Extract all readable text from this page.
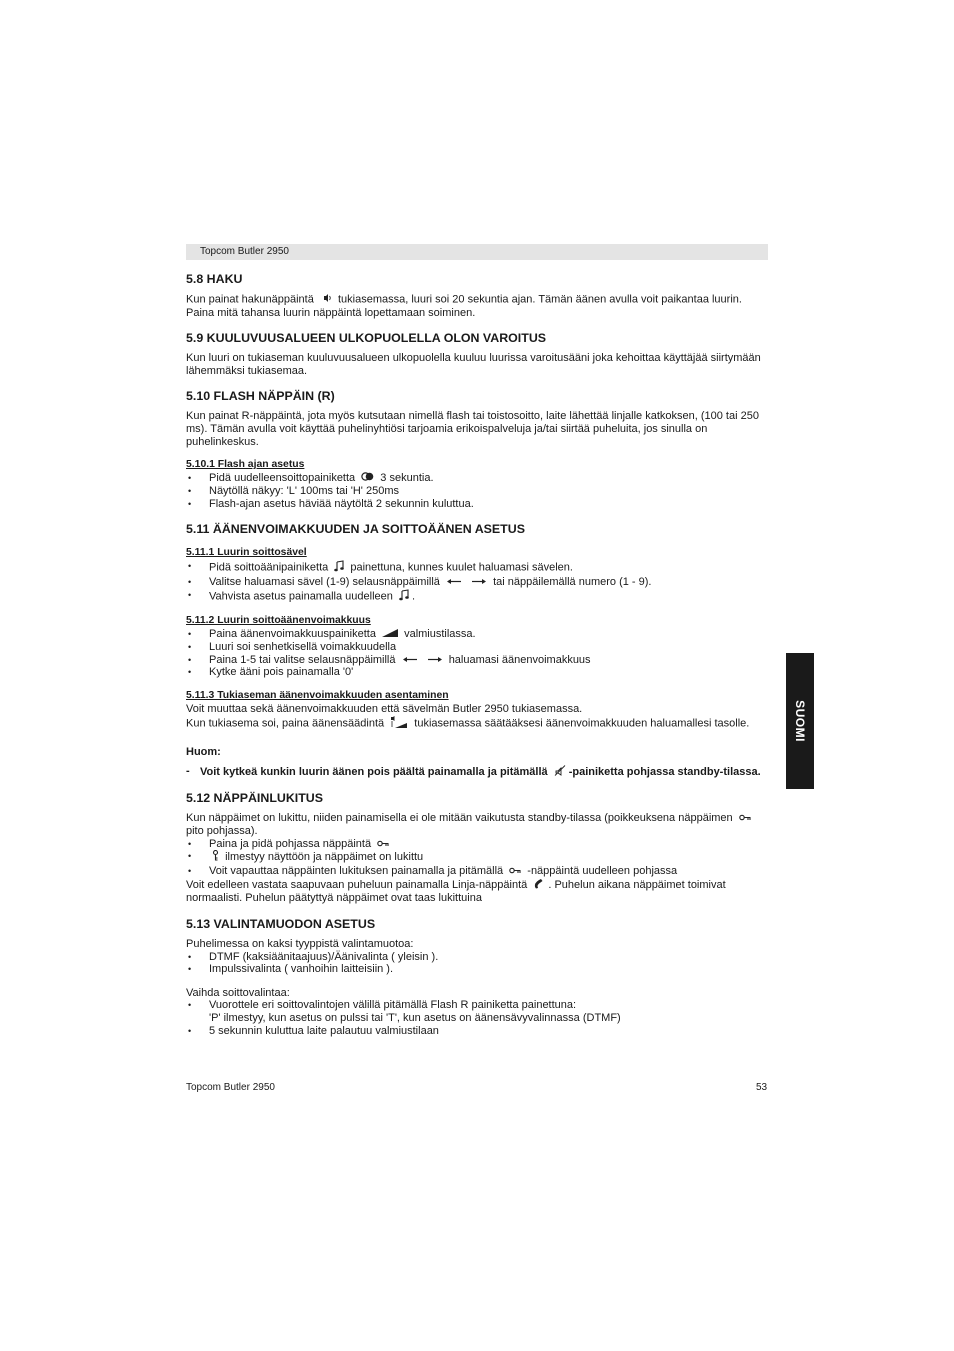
Topcom Butler 2950
5.8 HAKU

Kun painat hakunäppäintä tukiasemassa, luuri soi 20 sekuntia ajan. Tämän äänen avulla voit paikantaa luurin. Paina mitä tahansa luurin näppäintä lopettamaan soiminen.

5.9 KUULUVUUSALUEEN ULKOPUOLELLA OLON VAROITUS

Kun luuri on tukiaseman kuuluvuusalueen ulkopuolella kuuluu luurissa varoitusääni joka kehoittaa käyttäjää siirtymään lähemmäksi tukiasemaa.

5.10 FLASH NÄPPÄIN (R)

Kun painat R-näppäintä, jota myös kutsutaan nimellä flash tai toistosoitto, laite lähettää linjalle katkoksen, (100 tai 250 ms). Tämän avulla voit käyttää puhelinyhtiösi tarjoamia erikoispalveluja ja/tai siirtää puheluita, jos sinulla on puhelinkeskus.

5.10.1 Flash ajan asetus
• Pidä uudelleensoittopainiketta 3 sekuntia.
• Näytöllä näkyy: 'L' 100ms tai 'H' 250ms
• Flash-ajan asetus häviää näytöltä 2 sekunnin kuluttua.
5.11 ÄÄNENVOIMAKKUUDEN JA SOITTOÄÄNEN ASETUS
5.11.1 Luurin soittosävel
• Pidä soittoäänipainiketta painettuna, kunnes kuulet haluamasi sävelen.
• Valitse haluamasi sävel (1-9) selausnäppäimillä	tai näppäilemällä numero (1 - 9).
• Vahvista asetus painamalla uudelleen .
5.11.2 Luurin soittoäänenvoimakkuus
• Paina äänenvoimakkuuspainiketta	valmiustilassa.
• Luuri soi senhetkisellä voimakkuudella
• Paina 1-5 tai valitse selausnäppäimillä	haluamasi äänenvoimakkuus
• Kytke ääni pois painamalla '0'
5.11.3 Tukiaseman äänenvoimakkuuden asentaminen

Voit muuttaa sekä äänenvoimakkuuden että sävelmän Butler 2950 tukiasemassa.

Kun tukiasema soi, paina äänensäädintä	tukiasemassa säätääksesi äänenvoimakkuuden haluamallesi tasolle.

Huom:

- Voit kytkeä kunkin luurin äänen pois päältä painamalla ja pitämällä -painiketta pohjassa standby-tilassa.

5.12 NÄPPÄINLUKITUS

Kun näppäimet on lukittu, niiden painamisella ei ole mitään vaikutusta standby-tilassa (poikkeuksena näppäimen  pito pohjassa).

• Paina ja pidä pohjassa näppäintä
• ilmestyy näyttöön ja näppäimet on lukittu
• Voit vapauttaa näppäinten lukituksen painamalla ja pitämällä -näppäintä uudelleen pohjassa

Voit edelleen vastata saapuvaan puheluun painamalla Linja-näppäintä . Puhelun aikana näppäimet toimivat normaalisti. Puhelun päätyttyä näppäimet ovat taas lukittuina

5.13 VALINTAMUODON ASETUS

Puhelimessa on kaksi tyyppistä valintamuotoa:

• DTMF (kaksiäänitaajuus)/Äänivalinta ( yleisin ).
• Impulssivalinta ( vanhoihin laitteisiin ).

Vaihda soittovalintaa:

• Vuorottele eri soittovalintojen välillä pitämällä Flash R painiketta painettuna:

'P' ilmestyy, kun asetus on pulssi tai 'T', kun asetus on äänensävyvalinnassa (DTMF)

• 5 sekunnin kuluttua laite palautuu valmiustilaan
SUOMI
Topcom Butler 2950	53
